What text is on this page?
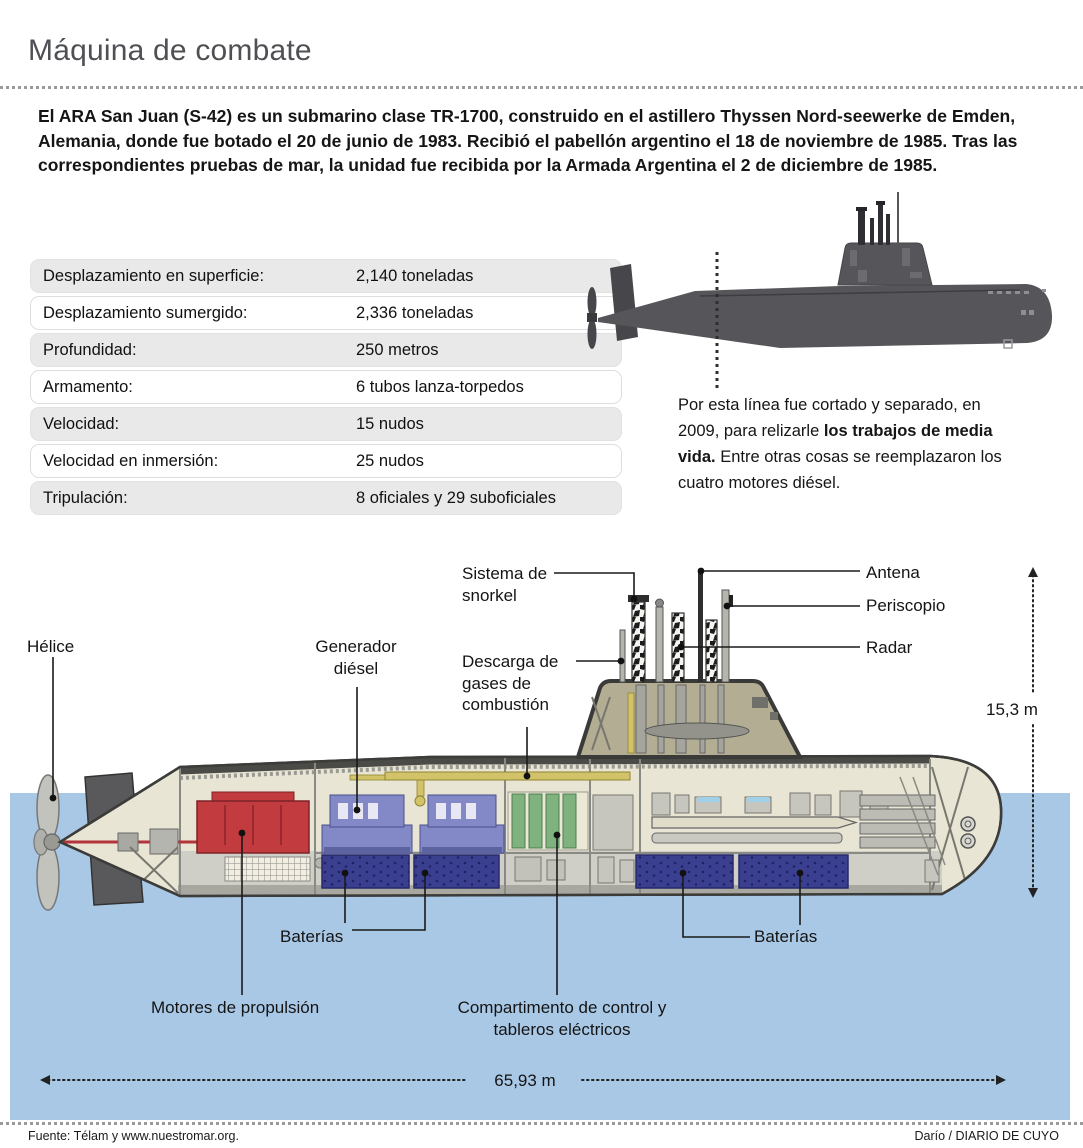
Máquina de combate
El ARA San Juan (S-42) es un submarino clase TR-1700, construido en el astillero Thyssen Nord-seewerke de Emden, Alemania, donde fue botado el 20 de junio de 1983. Recibió el pabellón argentino el 18 de noviembre de 1985. Tras las correspondientes pruebas de mar, la unidad fue recibida por la Armada Argentina el 2 de diciembre de 1985.
Desplazamiento en superficie:	2,140 toneladas
Desplazamiento sumergido:	2,336 toneladas
Profundidad:	250 metros
Armamento:	6 tubos lanza-torpedos
Velocidad:	15 nudos
Velocidad en inmersión:	25 nudos
Tripulación:	8 oficiales y 29 suboficiales
Por esta línea fue cortado y separado, en 2009, para relizarle los trabajos de media vida. Entre otras cosas se reemplazaron los cuatro motores diésel.
Hélice	Generador diésel
Sistema de snorkel
Descarga de gases de combustión
Antena
Periscopio
Radar
Baterías	Baterías
Motores de propulsión	Compartimento de control y tableros eléctricos
15,3 m
65,93 m
Fuente: Télam y www.nuestromar.org.	Darío / DIARIO DE CUYO
